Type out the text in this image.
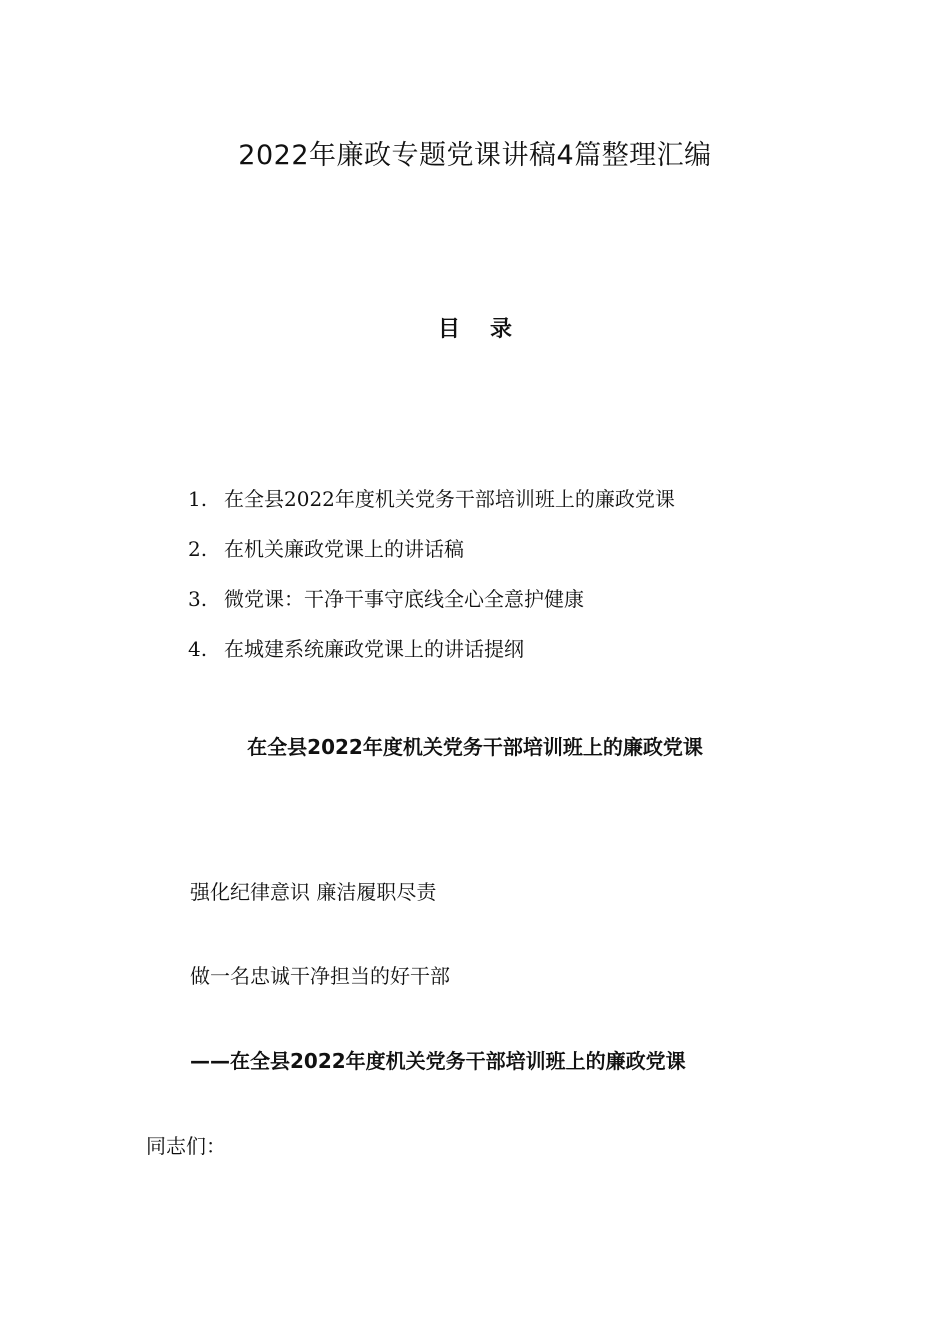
2022年廉政专题党课讲稿4篇整理汇编
目录
1. 在全县2022年度机关党务干部培训班上的廉政党课
2. 在机关廉政党课上的讲话稿
3. 微党课：干净干事守底线全心全意护健康
4. 在城建系统廉政党课上的讲话提纲
在全县2022年度机关党务干部培训班上的廉政党课
强化纪律意识 廉洁履职尽责
做一名忠诚干净担当的好干部
——在全县2022年度机关党务干部培训班上的廉政党课
同志们：
